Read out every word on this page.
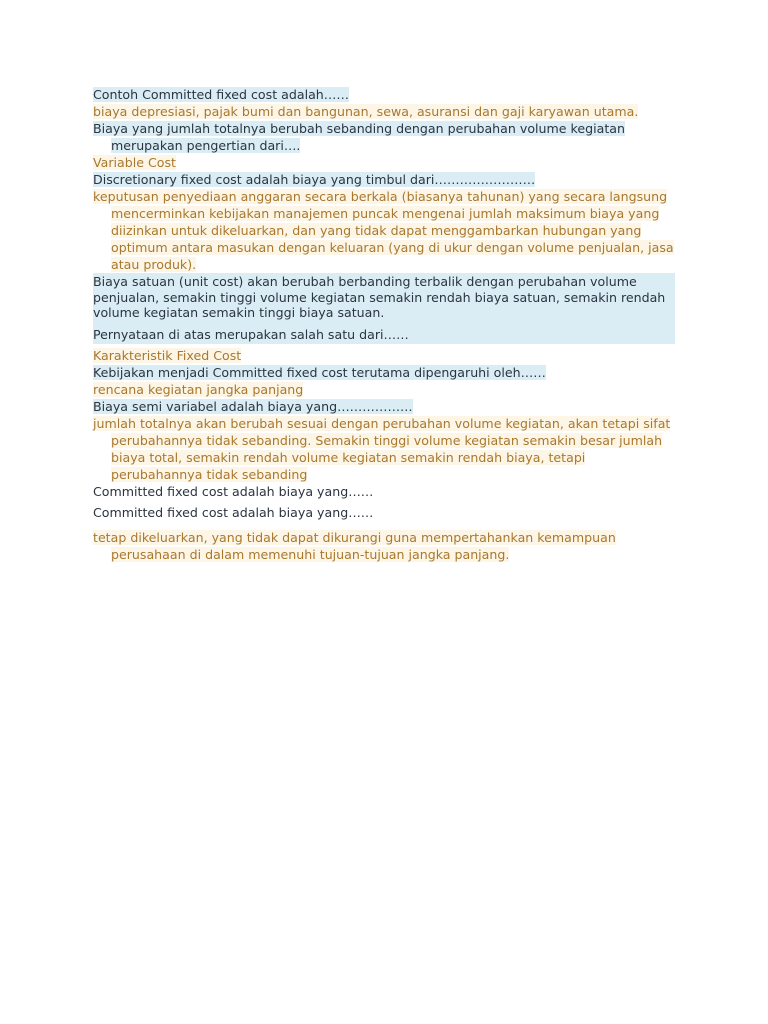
Contoh Committed fixed cost adalah……

biaya depresiasi, pajak bumi dan bangunan, sewa, asuransi dan gaji karyawan utama.

Biaya yang jumlah totalnya berubah sebanding dengan perubahan volume kegiatan merupakan pengertian dari….

Variable Cost

Discretionary fixed cost adalah biaya yang timbul dari……………………

keputusan penyediaan anggaran secara berkala (biasanya tahunan) yang secara langsung mencerminkan kebijakan manajemen puncak mengenai jumlah maksimum biaya yang diizinkan untuk dikeluarkan, dan yang tidak dapat menggambarkan hubungan yang optimum antara masukan dengan keluaran (yang di ukur dengan volume penjualan, jasa atau produk).

Biaya satuan (unit cost) akan berubah berbanding terbalik dengan perubahan volume penjualan, semakin tinggi volume kegiatan semakin rendah biaya satuan, semakin rendah volume kegiatan semakin tinggi biaya satuan.

Pernyataan di atas merupakan salah satu dari……

Karakteristik Fixed Cost

Kebijakan menjadi Committed fixed cost terutama dipengaruhi oleh……

rencana kegiatan jangka panjang

Biaya semi variabel adalah biaya yang………………

jumlah totalnya akan berubah sesuai dengan perubahan volume kegiatan, akan tetapi sifat perubahannya tidak sebanding. Semakin tinggi volume kegiatan semakin besar jumlah biaya total, semakin rendah volume kegiatan semakin rendah biaya, tetapi perubahannya tidak sebanding

Committed fixed cost adalah biaya yang……

Committed fixed cost adalah biaya yang……

tetap dikeluarkan, yang tidak dapat dikurangi guna mempertahankan kemampuan perusahaan di dalam memenuhi tujuan-tujuan jangka panjang.
